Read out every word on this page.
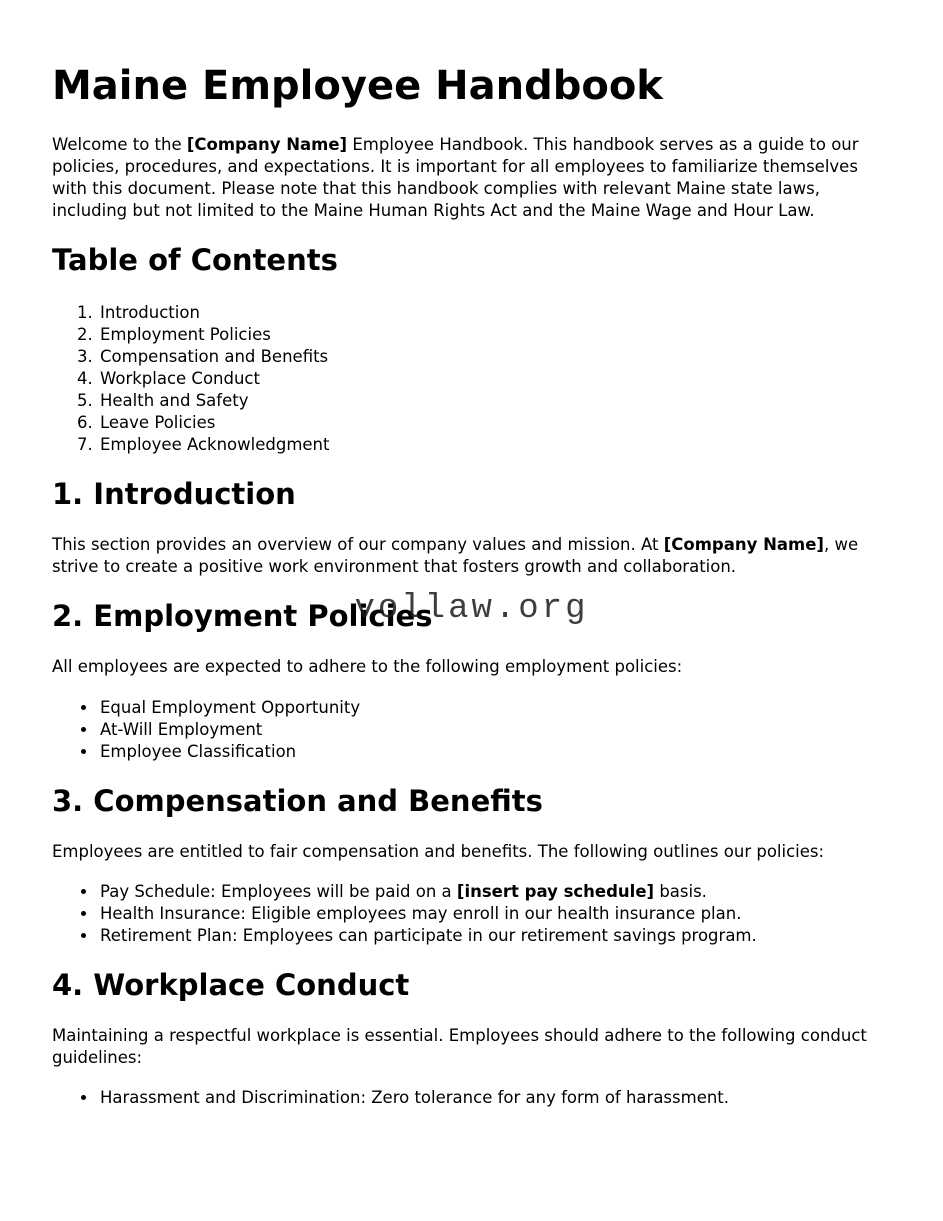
Maine Employee Handbook

Welcome to the [Company Name] Employee Handbook. This handbook serves as a guide to our policies, procedures, and expectations. It is important for all employees to familiarize themselves with this document. Please note that this handbook complies with relevant Maine state laws, including but not limited to the Maine Human Rights Act and the Maine Wage and Hour Law.

Table of Contents
1. Introduction
2. Employment Policies
3. Compensation and Benefits
4. Workplace Conduct
5. Health and Safety
6. Leave Policies
7. Employee Acknowledgment
1. Introduction

This section provides an overview of our company values and mission. At [Company Name], we strive to create a positive work environment that fosters growth and collaboration.

2. Employment Policies

All employees are expected to adhere to the following employment policies:

• Equal Employment Opportunity
• At-Will Employment
• Employee Classification
3. Compensation and Benefits

Employees are entitled to fair compensation and benefits. The following outlines our policies:

• Pay Schedule: Employees will be paid on a [insert pay schedule] basis.
• Health Insurance: Eligible employees may enroll in our health insurance plan.
• Retirement Plan: Employees can participate in our retirement savings program.
4. Workplace Conduct

Maintaining a respectful workplace is essential. Employees should adhere to the following conduct guidelines:

• Harassment and Discrimination: Zero tolerance for any form of harassment.
vollaw.org
